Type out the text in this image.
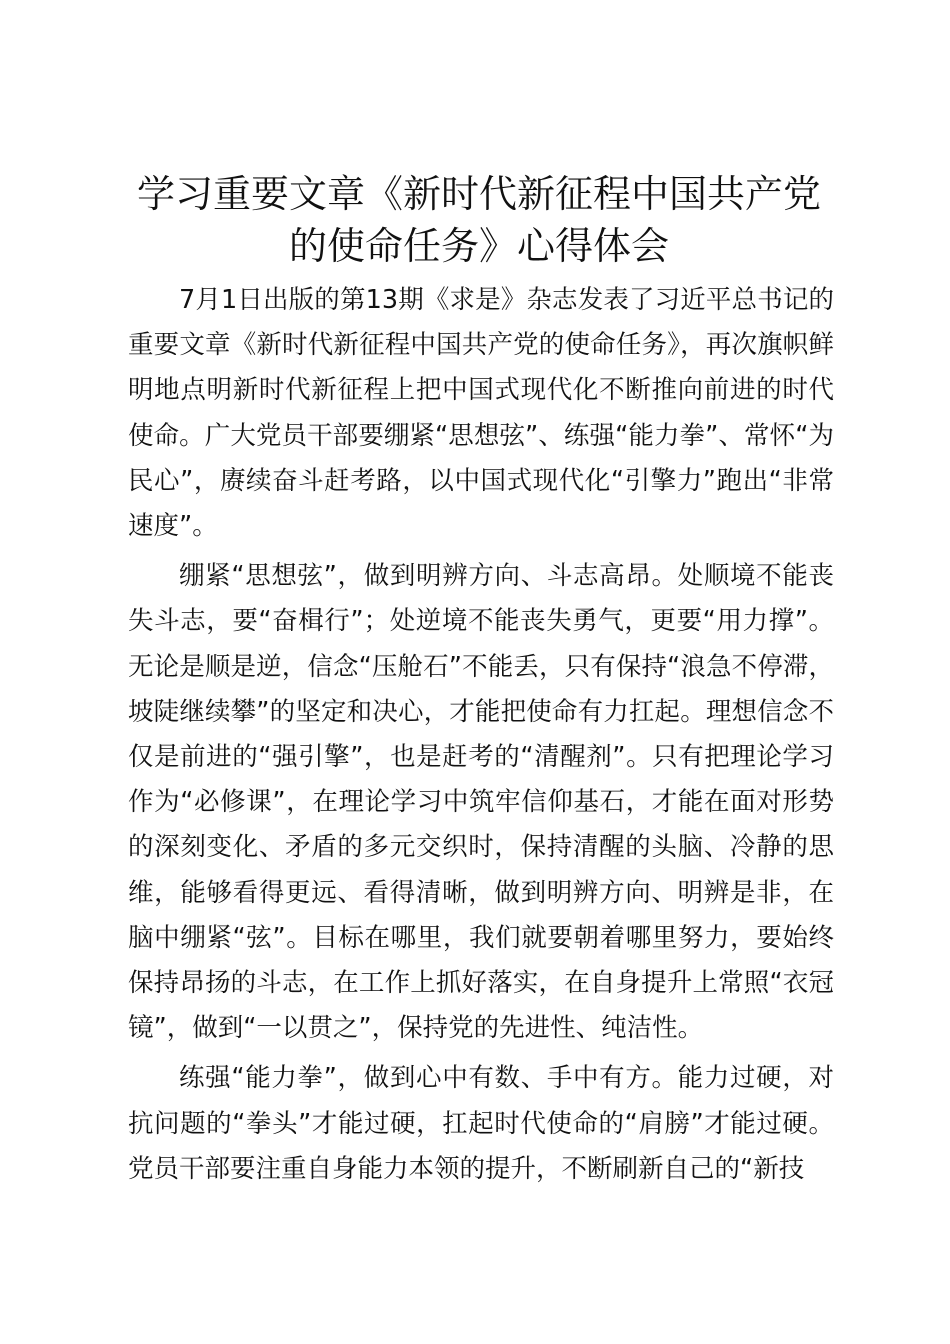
学习重要文章《新时代新征程中国共产党的使命任务》心得体会

7月1日出版的第13期《求是》杂志发表了习近平总书记的重要文章《新时代新征程中国共产党的使命任务》，再次旗帜鲜明地点明新时代新征程上把中国式现代化不断推向前进的时代使命。广大党员干部要绷紧“思想弦”、练强“能力拳”、常怀“为民心”，赓续奋斗赶考路，以中国式现代化“引擎力”跑出“非常速度”。

绷紧“思想弦”，做到明辨方向、斗志高昂。处顺境不能丧失斗志，要“奋楫行”；处逆境不能丧失勇气，更要“用力撑”。无论是顺是逆，信念“压舱石”不能丢，只有保持“浪急不停滞，坡陡继续攀”的坚定和决心，才能把使命有力扛起。理想信念不仅是前进的“强引擎”，也是赶考的“清醒剂”。只有把理论学习作为“必修课”，在理论学习中筑牢信仰基石，才能在面对形势的深刻变化、矛盾的多元交织时，保持清醒的头脑、冷静的思维，能够看得更远、看得清晰，做到明辨方向、明辨是非，在脑中绷紧“弦”。目标在哪里，我们就要朝着哪里努力，要始终保持昂扬的斗志，在工作上抓好落实，在自身提升上常照“衣冠镜”，做到“一以贯之”，保持党的先进性、纯洁性。

练强“能力拳”，做到心中有数、手中有方。能力过硬，对抗问题的“拳头”才能过硬，扛起时代使命的“肩膀”才能过硬。党员干部要注重自身能力本领的提升，不断刷新自己的“新技
